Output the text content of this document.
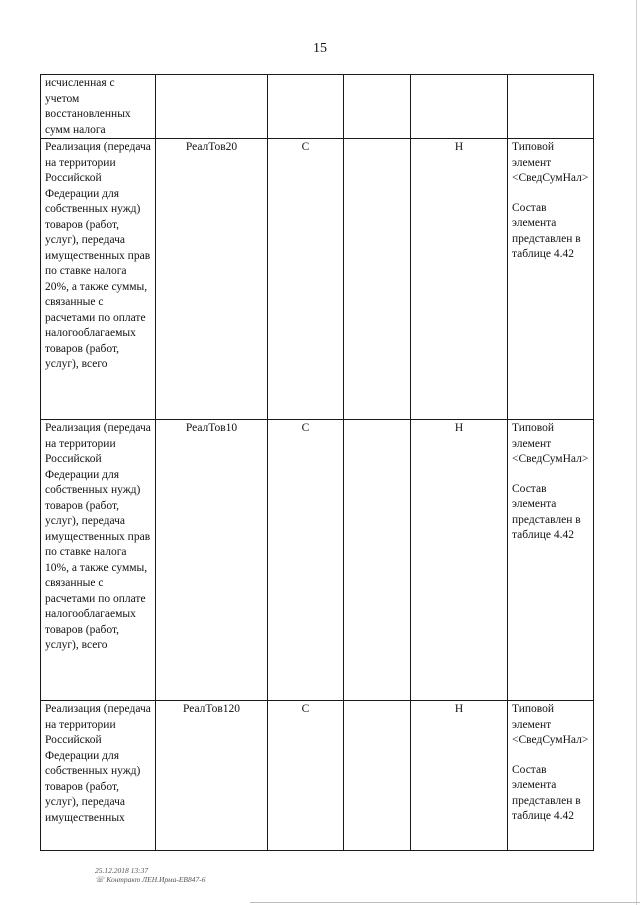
15
исчисленная с учетом восстановленных сумм налога					
Реализация (передача на территории Российской Федерации для собственных нужд) товаров (работ, услуг), передача имущественных прав по ставке налога 20%, а также суммы, связанные с расчетами по оплате налогооблагаемых товаров (работ, услуг), всего	РеалТов20	С		Н	Типовой элемент <СведСумНал>
Состав элемента представлен в таблице 4.42
Реализация (передача на территории Российской Федерации для собственных нужд) товаров (работ, услуг), передача имущественных прав по ставке налога 10%, а также суммы, связанные с расчетами по оплате налогооблагаемых товаров (работ, услуг), всего	РеалТов10	С		Н	Типовой элемент <СведСумНал>
Состав элемента представлен в таблице 4.42
Реализация (передача на территории Российской Федерации для собственных нужд) товаров (работ, услуг), передача имущественных	РеалТов120	С		Н	Типовой элемент <СведСумНал>
Состав элемента представлен в таблице 4.42
25.12.2018 13:37
☏ Контракт ЛЕН.Ирма-ЕВ847-6
